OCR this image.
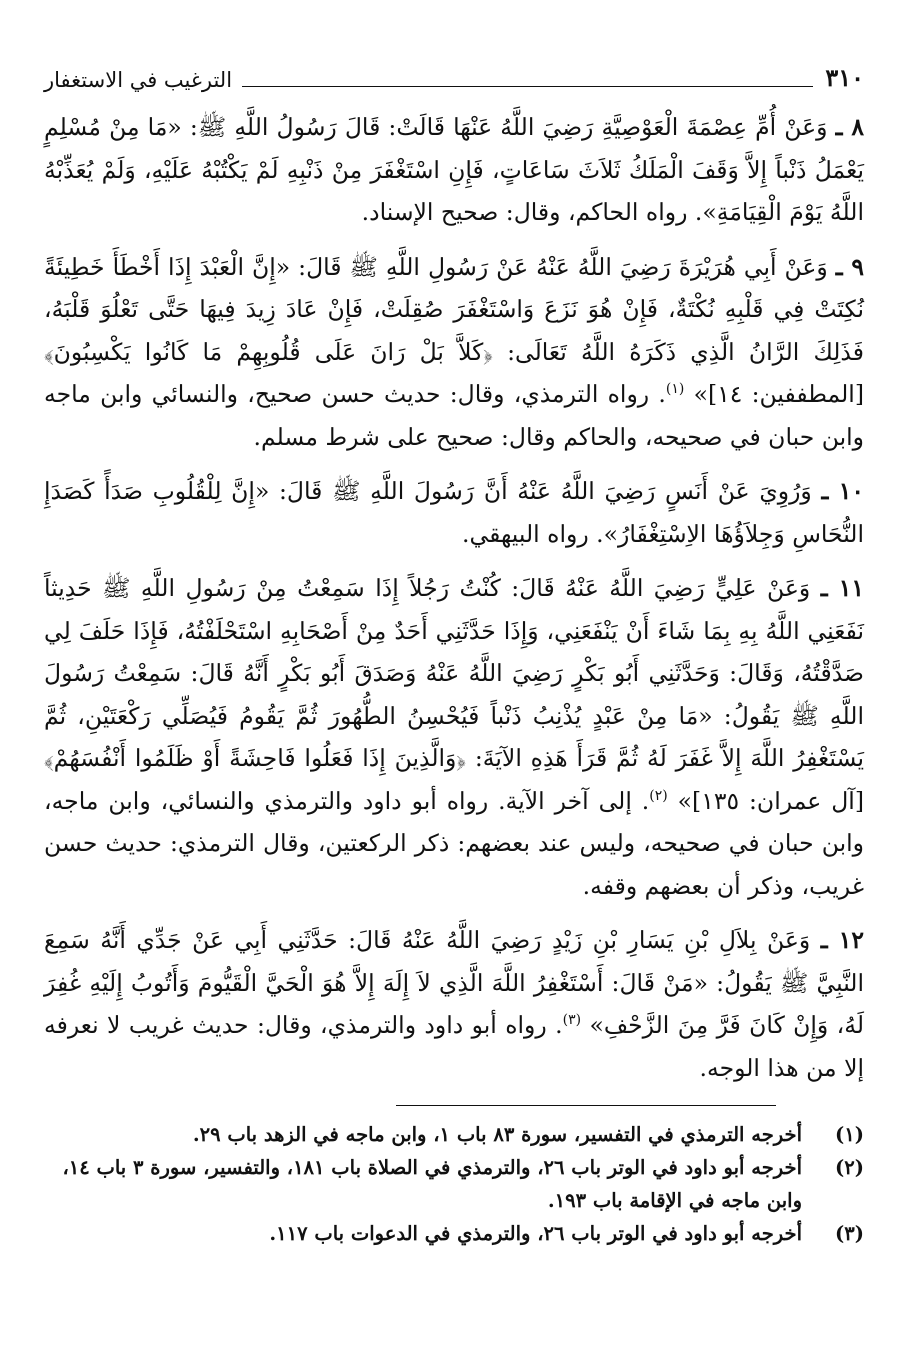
الترغيب في الاستغفار	٣١٠

٨ ـ وَعَنْ أُمِّ عِصْمَةَ الْعَوْصِيَّةِ رَضِيَ اللَّهُ عَنْهَا قَالَتْ: قَالَ رَسُولُ اللَّهِ ﷺ: «مَا مِنْ مُسْلِمٍ يَعْمَلُ ذَنْباً إِلاَّ وَقَفَ الْمَلَكُ ثَلاَثَ سَاعَاتٍ، فَإِنِ اسْتَغْفَرَ مِنْ ذَنْبِهِ لَمْ يَكْتُبْهُ عَلَيْهِ، وَلَمْ يُعَذِّبْهُ اللَّهُ يَوْمَ الْقِيَامَةِ». رواه الحاكم، وقال: صحيح الإسناد.

٩ ـ وَعَنْ أَبِي هُرَيْرَةَ رَضِيَ اللَّهُ عَنْهُ عَنْ رَسُولِ اللَّهِ ﷺ قَالَ: «إِنَّ الْعَبْدَ إِذَا أَخْطَأَ خَطِيئَةً نُكِتَتْ فِي قَلْبِهِ نُكْتَةٌ، فَإِنْ هُوَ نَزَعَ وَاسْتَغْفَرَ صُقِلَتْ، فَإِنْ عَادَ زِيدَ فِيهَا حَتَّى تَعْلُوَ قَلْبَهُ، فَذَلِكَ الرَّانُ الَّذِي ذَكَرَهُ اللَّهُ تَعَالَى: ﴿كَلاَّ بَلْ رَانَ عَلَى قُلُوبِهِمْ مَا كَانُوا يَكْسِبُونَ﴾ [المطففين: ١٤]» $^{(١)}$. رواه الترمذي، وقال: حديث حسن صحيح، والنسائي وابن ماجه وابن حبان في صحيحه، والحاكم وقال: صحيح على شرط مسلم.

١٠ ـ وَرُوِيَ عَنْ أَنَسٍ رَضِيَ اللَّهُ عَنْهُ أَنَّ رَسُولَ اللَّهِ ﷺ قَالَ: «إِنَّ لِلْقُلُوبِ صَدَأً كَصَدَإِ النُّحَاسِ وَجِلاَؤُهَا الاِسْتِغْفَارُ». رواه البيهقي.

١١ ـ وَعَنْ عَلِيٍّ رَضِيَ اللَّهُ عَنْهُ قَالَ: كُنْتُ رَجُلاً إِذَا سَمِعْتُ مِنْ رَسُولِ اللَّهِ ﷺ حَدِيثاً نَفَعَنِي اللَّهُ بِهِ بِمَا شَاءَ أَنْ يَنْفَعَنِي، وَإِذَا حَدَّثَنِي أَحَدٌ مِنْ أَصْحَابِهِ اسْتَحْلَفْتُهُ، فَإِذَا حَلَفَ لِي صَدَّقْتُهُ، وَقَالَ: وَحَدَّثَنِي أَبُو بَكْرٍ رَضِيَ اللَّهُ عَنْهُ وَصَدَقَ أَبُو بَكْرٍ أَنَّهُ قَالَ: سَمِعْتُ رَسُولَ اللَّهِ ﷺ يَقُولُ: «مَا مِنْ عَبْدٍ يُذْنِبُ ذَنْباً فَيُحْسِنُ الطُّهُورَ ثُمَّ يَقُومُ فَيُصَلِّي رَكْعَتَيْنِ، ثُمَّ يَسْتَغْفِرُ اللَّهَ إِلاَّ غَفَرَ لَهُ ثُمَّ قَرَأَ هَذِهِ الآيَةَ: ﴿وَالَّذِينَ إِذَا فَعَلُوا فَاحِشَةً أَوْ ظَلَمُوا أَنْفُسَهُمْ﴾ [آل عمران: ١٣٥]» $^{(٢)}$. إلى آخر الآية. رواه أبو داود والترمذي والنسائي، وابن ماجه، وابن حبان في صحيحه، وليس عند بعضهم: ذكر الركعتين، وقال الترمذي: حديث حسن غريب، وذكر أن بعضهم وقفه.

١٢ ـ وَعَنْ بِلاَلِ بْنِ يَسَارِ بْنِ زَيْدٍ رَضِيَ اللَّهُ عَنْهُ قَالَ: حَدَّثَنِي أَبِي عَنْ جَدِّي أَنَّهُ سَمِعَ النَّبِيَّ ﷺ يَقُولُ: «مَنْ قَالَ: أَسْتَغْفِرُ اللَّهَ الَّذِي لاَ إِلَهَ إِلاَّ هُوَ الْحَيَّ الْقَيُّومَ وَأَتُوبُ إِلَيْهِ غُفِرَ لَهُ، وَإِنْ كَانَ فَرَّ مِنَ الزَّحْفِ» $^{(٣)}$. رواه أبو داود والترمذي، وقال: حديث غريب لا نعرفه إلا من هذا الوجه.

(١)
أخرجه الترمذي في التفسير، سورة ٨٣ باب ١، وابن ماجه في الزهد باب ٢٩.
(٢)
أخرجه أبو داود في الوتر باب ٢٦، والترمذي في الصلاة باب ١٨١، والتفسير، سورة ٣ باب ١٤، وابن ماجه في الإقامة باب ١٩٣.
(٣)
أخرجه أبو داود في الوتر باب ٢٦، والترمذي في الدعوات باب ١١٧.
